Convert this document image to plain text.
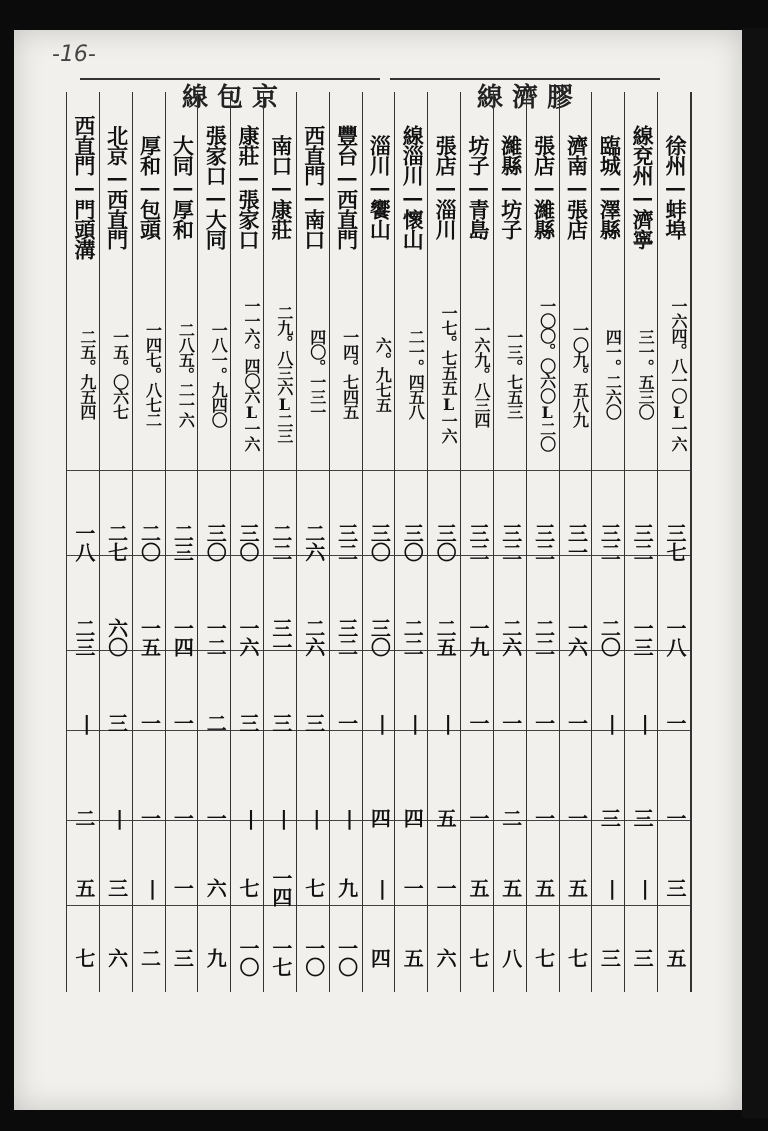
-16-
線 包 京	線 濟 膠
徐州—蚌埠
一六四。八一〇L一六
三七
一八
一
一
三
五
線兗州—濟寧
三一。五三〇
三二
一三
|
三
|
三
臨城—澤縣
四一。二六〇
三二
二〇
|
三
|
三
濟南—張店
一〇九。五八九
三一
一六
一
一
五
七
張店—濰縣
一〇〇。〇六〇L二〇
三二
二二
一
一
五
七
濰縣—坊子
一三。七五三
三二
二六
一
二
五
八
坊子—青島
一六九。八三四
三二
一九
一
一
五
七
張店—淄川
一七。七五五L一六
三〇
二五
|
五
一
六
線淄川—懷山
二一。四五八
三〇
二二
|
四
一
五
淄川—饗山
六。九七五
三〇
三〇
|
四
|
四
豐台—西直門
一四。七四五
三二
三二
一
|
九
一〇
西直門—南口
四〇。一三一
二六
二六
三
|
七
一〇
南口—康莊
二九。八三六L二三
二二
三一
三
|
一四
一七
康莊—張家口
一一六。四〇六L一六
三〇
一六
三
|
七
一〇
張家口—大同
一八一。九四〇
三〇
一二
二
一
六
九
大同—厚和
二八五。二一六
二三
一四
一
一
一
三
厚和—包頭
一四七。八七二
二〇
一五
一
一
|
二
北京—西直門
一五。〇六七
二七
六〇
三
|
三
六
西直門—門頭溝
二五。九五四
一八
二三
|
二
五
七
